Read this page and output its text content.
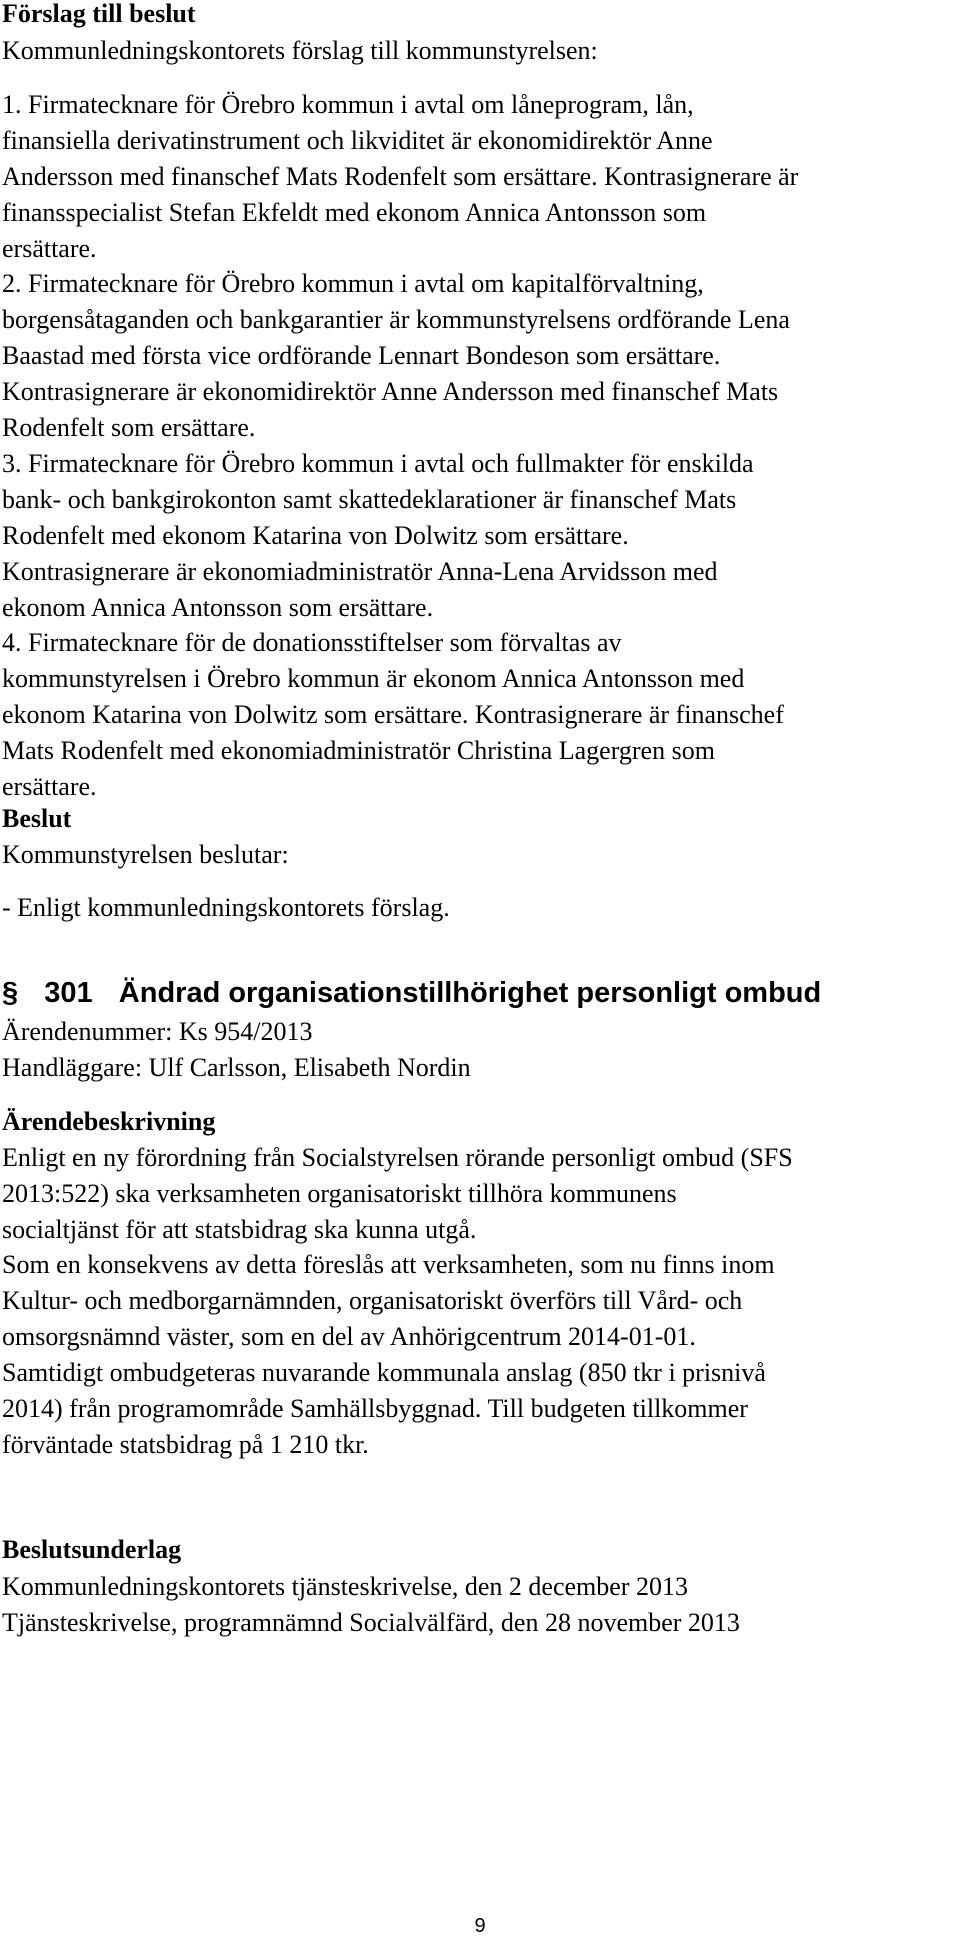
Förslag till beslut
Kommunledningskontorets förslag till kommunstyrelsen:
1. Firmatecknare för Örebro kommun i avtal om låneprogram, lån,
finansiella derivatinstrument och likviditet är ekonomidirektör Anne
Andersson med finanschef Mats Rodenfelt som ersättare. Kontrasignerare är
finansspecialist Stefan Ekfeldt med ekonom Annica Antonsson som
ersättare.
2. Firmatecknare för Örebro kommun i avtal om kapitalförvaltning,
borgensåtaganden och bankgarantier är kommunstyrelsens ordförande Lena
Baastad med första vice ordförande Lennart Bondeson som ersättare.
Kontrasignerare är ekonomidirektör Anne Andersson med finanschef Mats
Rodenfelt som ersättare.
3. Firmatecknare för Örebro kommun i avtal och fullmakter för enskilda
bank- och bankgirokonton samt skattedeklarationer är finanschef Mats
Rodenfelt med ekonom Katarina von Dolwitz som ersättare.
Kontrasignerare är ekonomiadministratör Anna-Lena Arvidsson med
ekonom Annica Antonsson som ersättare.
4. Firmatecknare för de donationsstiftelser som förvaltas av
kommunstyrelsen i Örebro kommun är ekonom Annica Antonsson med
ekonom Katarina von Dolwitz som ersättare. Kontrasignerare är finanschef
Mats Rodenfelt med ekonomiadministratör Christina Lagergren som
ersättare.
Beslut
Kommunstyrelsen beslutar:
- Enligt kommunledningskontorets förslag.
§ 301 Ändrad organisationstillhörighet personligt ombud
Ärendenummer: Ks 954/2013
Handläggare: Ulf Carlsson, Elisabeth Nordin
Ärendebeskrivning
Enligt en ny förordning från Socialstyrelsen rörande personligt ombud (SFS
2013:522) ska verksamheten organisatoriskt tillhöra kommunens
socialtjänst för att statsbidrag ska kunna utgå.
Som en konsekvens av detta föreslås att verksamheten, som nu finns inom
Kultur- och medborgarnämnden, organisatoriskt överförs till Vård- och
omsorgsnämnd väster, som en del av Anhörigcentrum 2014-01-01.
Samtidigt ombudgeteras nuvarande kommunala anslag (850 tkr i prisnivå
2014) från programområde Samhällsbyggnad. Till budgeten tillkommer
förväntade statsbidrag på 1 210 tkr.
Beslutsunderlag
Kommunledningskontorets tjänsteskrivelse, den 2 december 2013
Tjänsteskrivelse, programnämnd Socialvälfärd, den 28 november 2013
9
